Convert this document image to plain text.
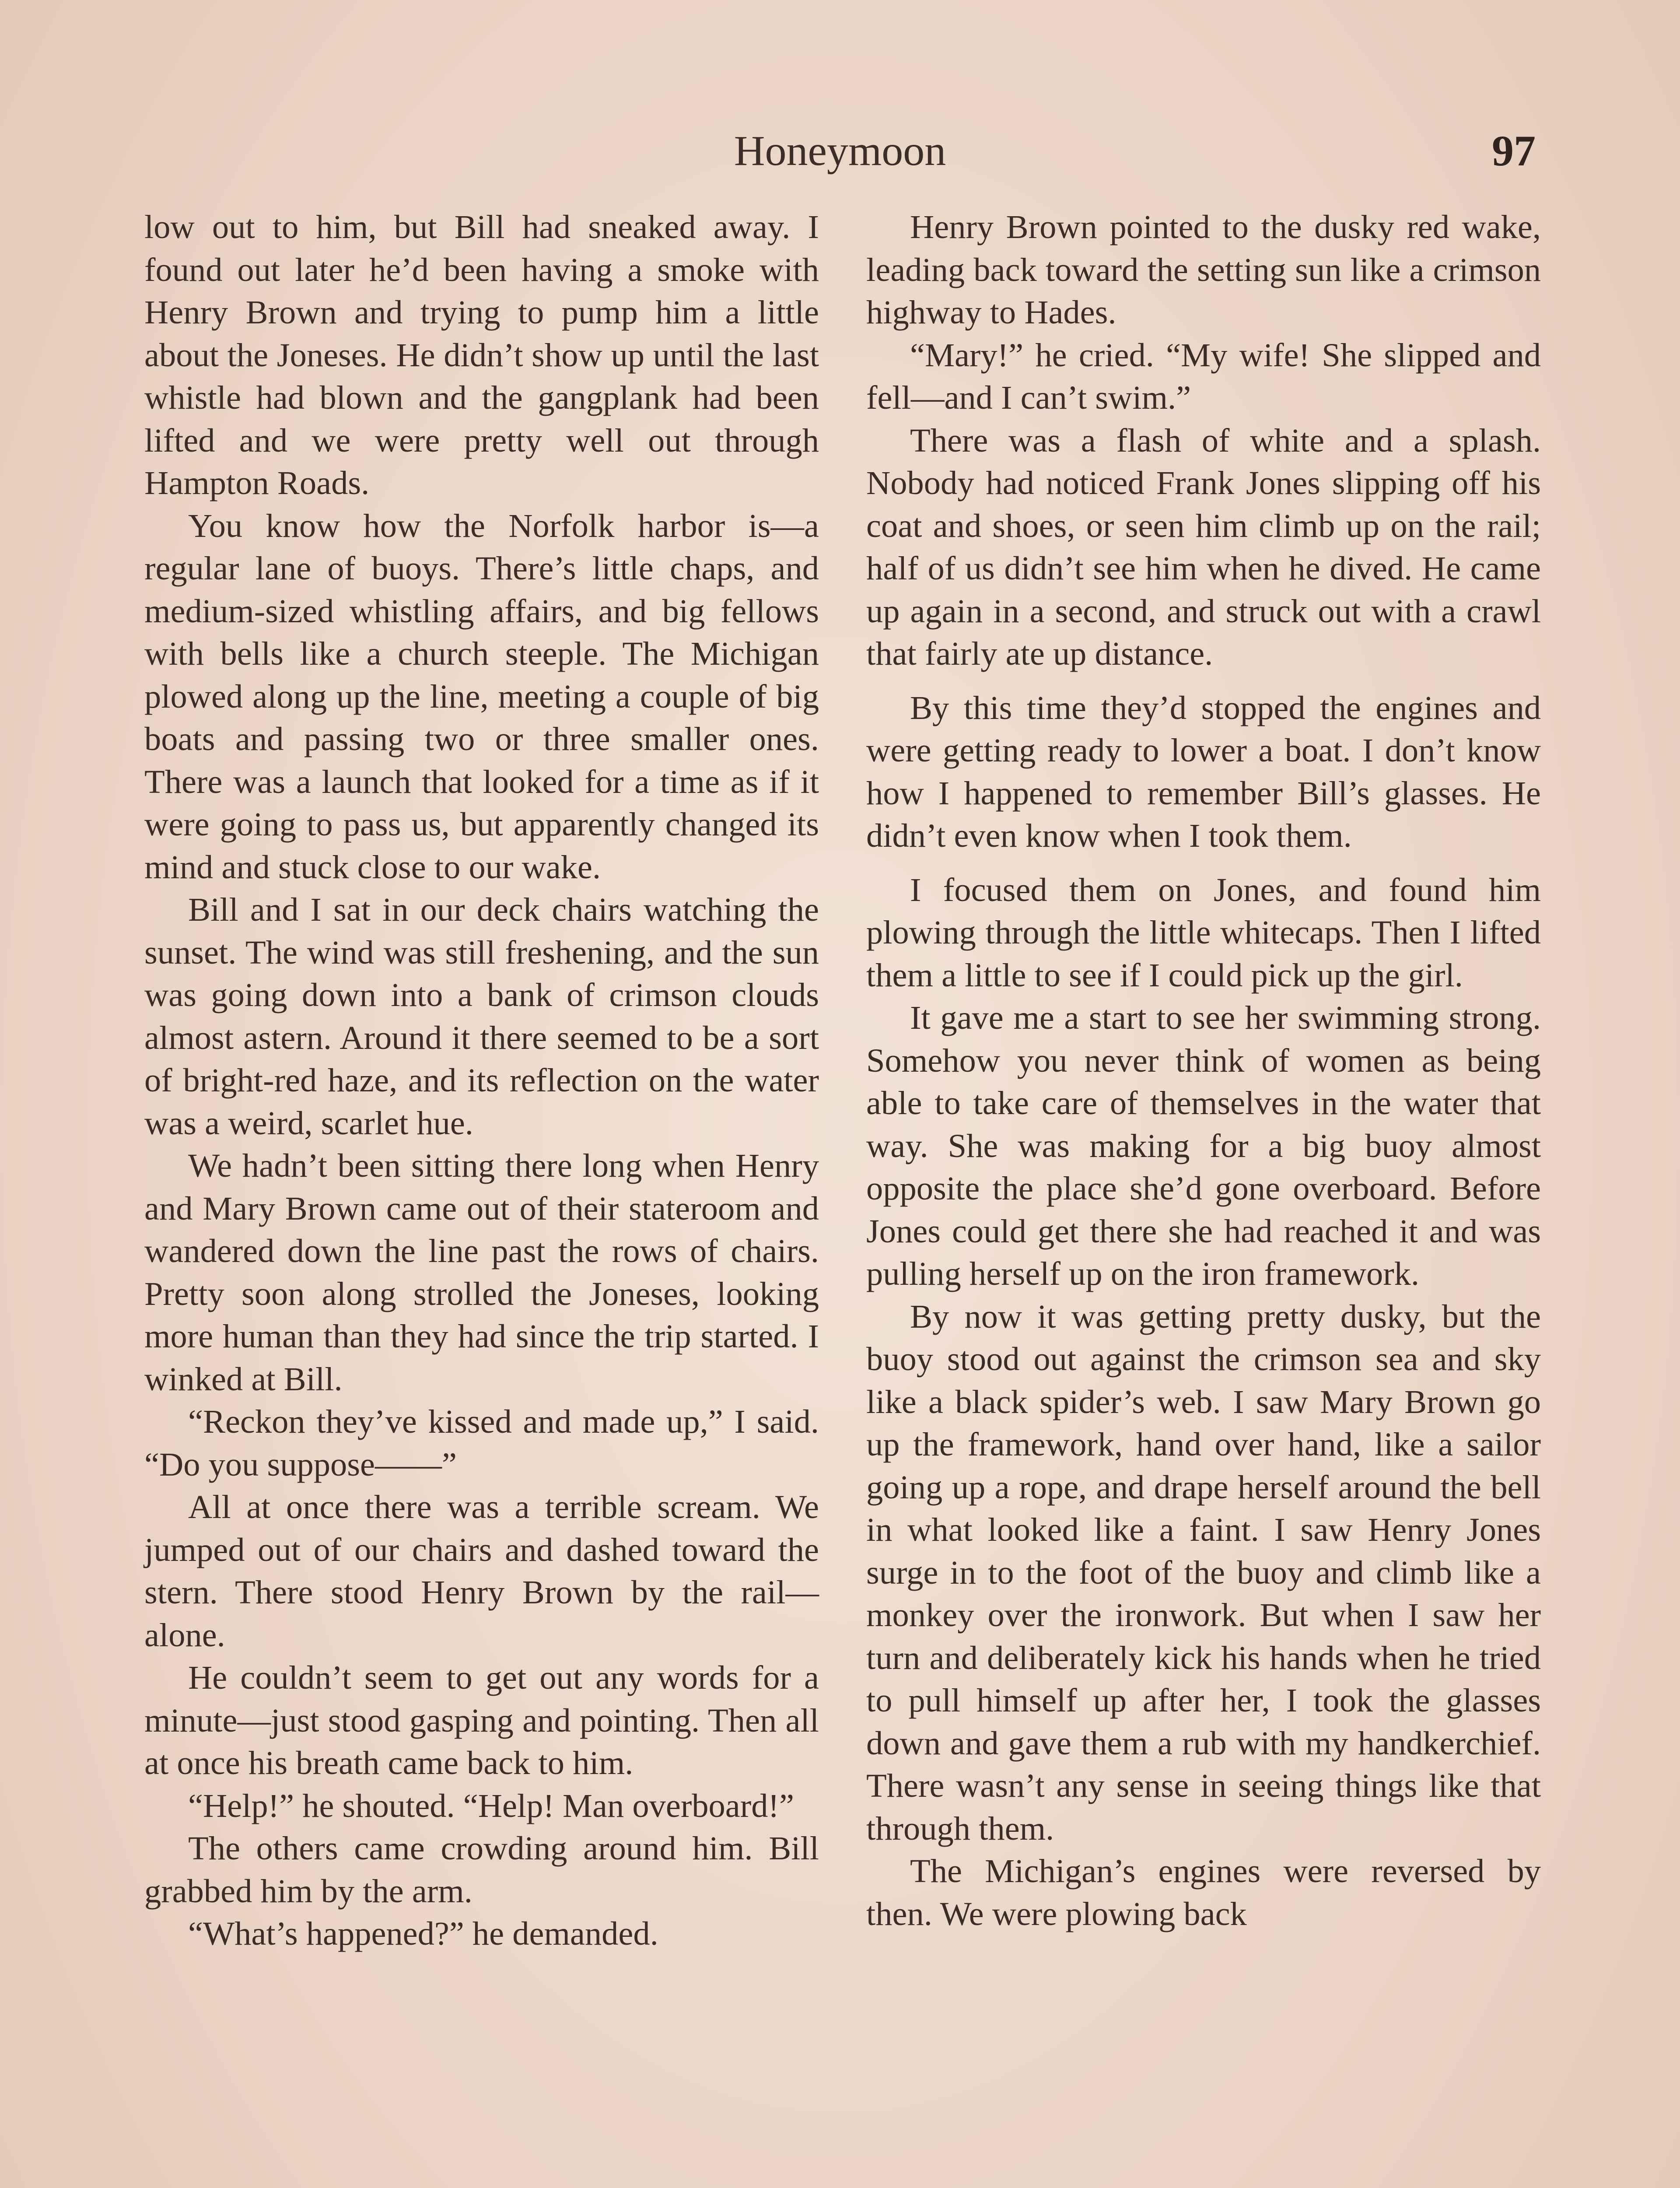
Honeymoon	97

low out to him, but Bill had sneaked away. I found out later he’d been having a smoke with Henry Brown and trying to pump him a little about the Joneses. He didn’t show up until the last whistle had blown and the gangplank had been lifted and we were pretty well out through Hampton Roads.

You know how the Norfolk harbor is—a regular lane of buoys. There’s little chaps, and medium-sized whistling affairs, and big fellows with bells like a church steeple. The Michigan plowed along up the line, meeting a couple of big boats and passing two or three smaller ones. There was a launch that looked for a time as if it were going to pass us, but apparently changed its mind and stuck close to our wake.

Bill and I sat in our deck chairs watching the sunset. The wind was still freshening, and the sun was going down into a bank of crimson clouds almost astern. Around it there seemed to be a sort of bright-red haze, and its reflection on the water was a weird, scarlet hue.

We hadn’t been sitting there long when Henry and Mary Brown came out of their stateroom and wandered down the line past the rows of chairs. Pretty soon along strolled the Joneses, looking more human than they had since the trip started. I winked at Bill.

“Reckon they’ve kissed and made up,” I said. “Do you suppose——”

All at once there was a terrible scream. We jumped out of our chairs and dashed toward the stern. There stood Henry Brown by the rail—alone.

He couldn’t seem to get out any words for a minute—just stood gasping and pointing. Then all at once his breath came back to him.

“Help!” he shouted. “Help! Man overboard!”

The others came crowding around him. Bill grabbed him by the arm.

“What’s happened?” he demanded.

Henry Brown pointed to the dusky red wake, leading back toward the setting sun like a crimson highway to Hades.

“Mary!” he cried. “My wife! She slipped and fell—and I can’t swim.”

There was a flash of white and a splash. Nobody had noticed Frank Jones slipping off his coat and shoes, or seen him climb up on the rail; half of us didn’t see him when he dived. He came up again in a second, and struck out with a crawl that fairly ate up distance.

By this time they’d stopped the engines and were getting ready to lower a boat. I don’t know how I happened to remember Bill’s glasses. He didn’t even know when I took them.

I focused them on Jones, and found him plowing through the little whitecaps. Then I lifted them a little to see if I could pick up the girl.

It gave me a start to see her swimming strong. Somehow you never think of women as being able to take care of themselves in the water that way. She was making for a big buoy almost opposite the place she’d gone overboard. Before Jones could get there she had reached it and was pulling herself up on the iron framework.

By now it was getting pretty dusky, but the buoy stood out against the crimson sea and sky like a black spider’s web. I saw Mary Brown go up the framework, hand over hand, like a sailor going up a rope, and drape herself around the bell in what looked like a faint. I saw Henry Jones surge in to the foot of the buoy and climb like a monkey over the ironwork. But when I saw her turn and deliberately kick his hands when he tried to pull himself up after her, I took the glasses down and gave them a rub with my handkerchief. There wasn’t any sense in seeing things like that through them.

The Michigan’s engines were reversed by then. We were plowing back
